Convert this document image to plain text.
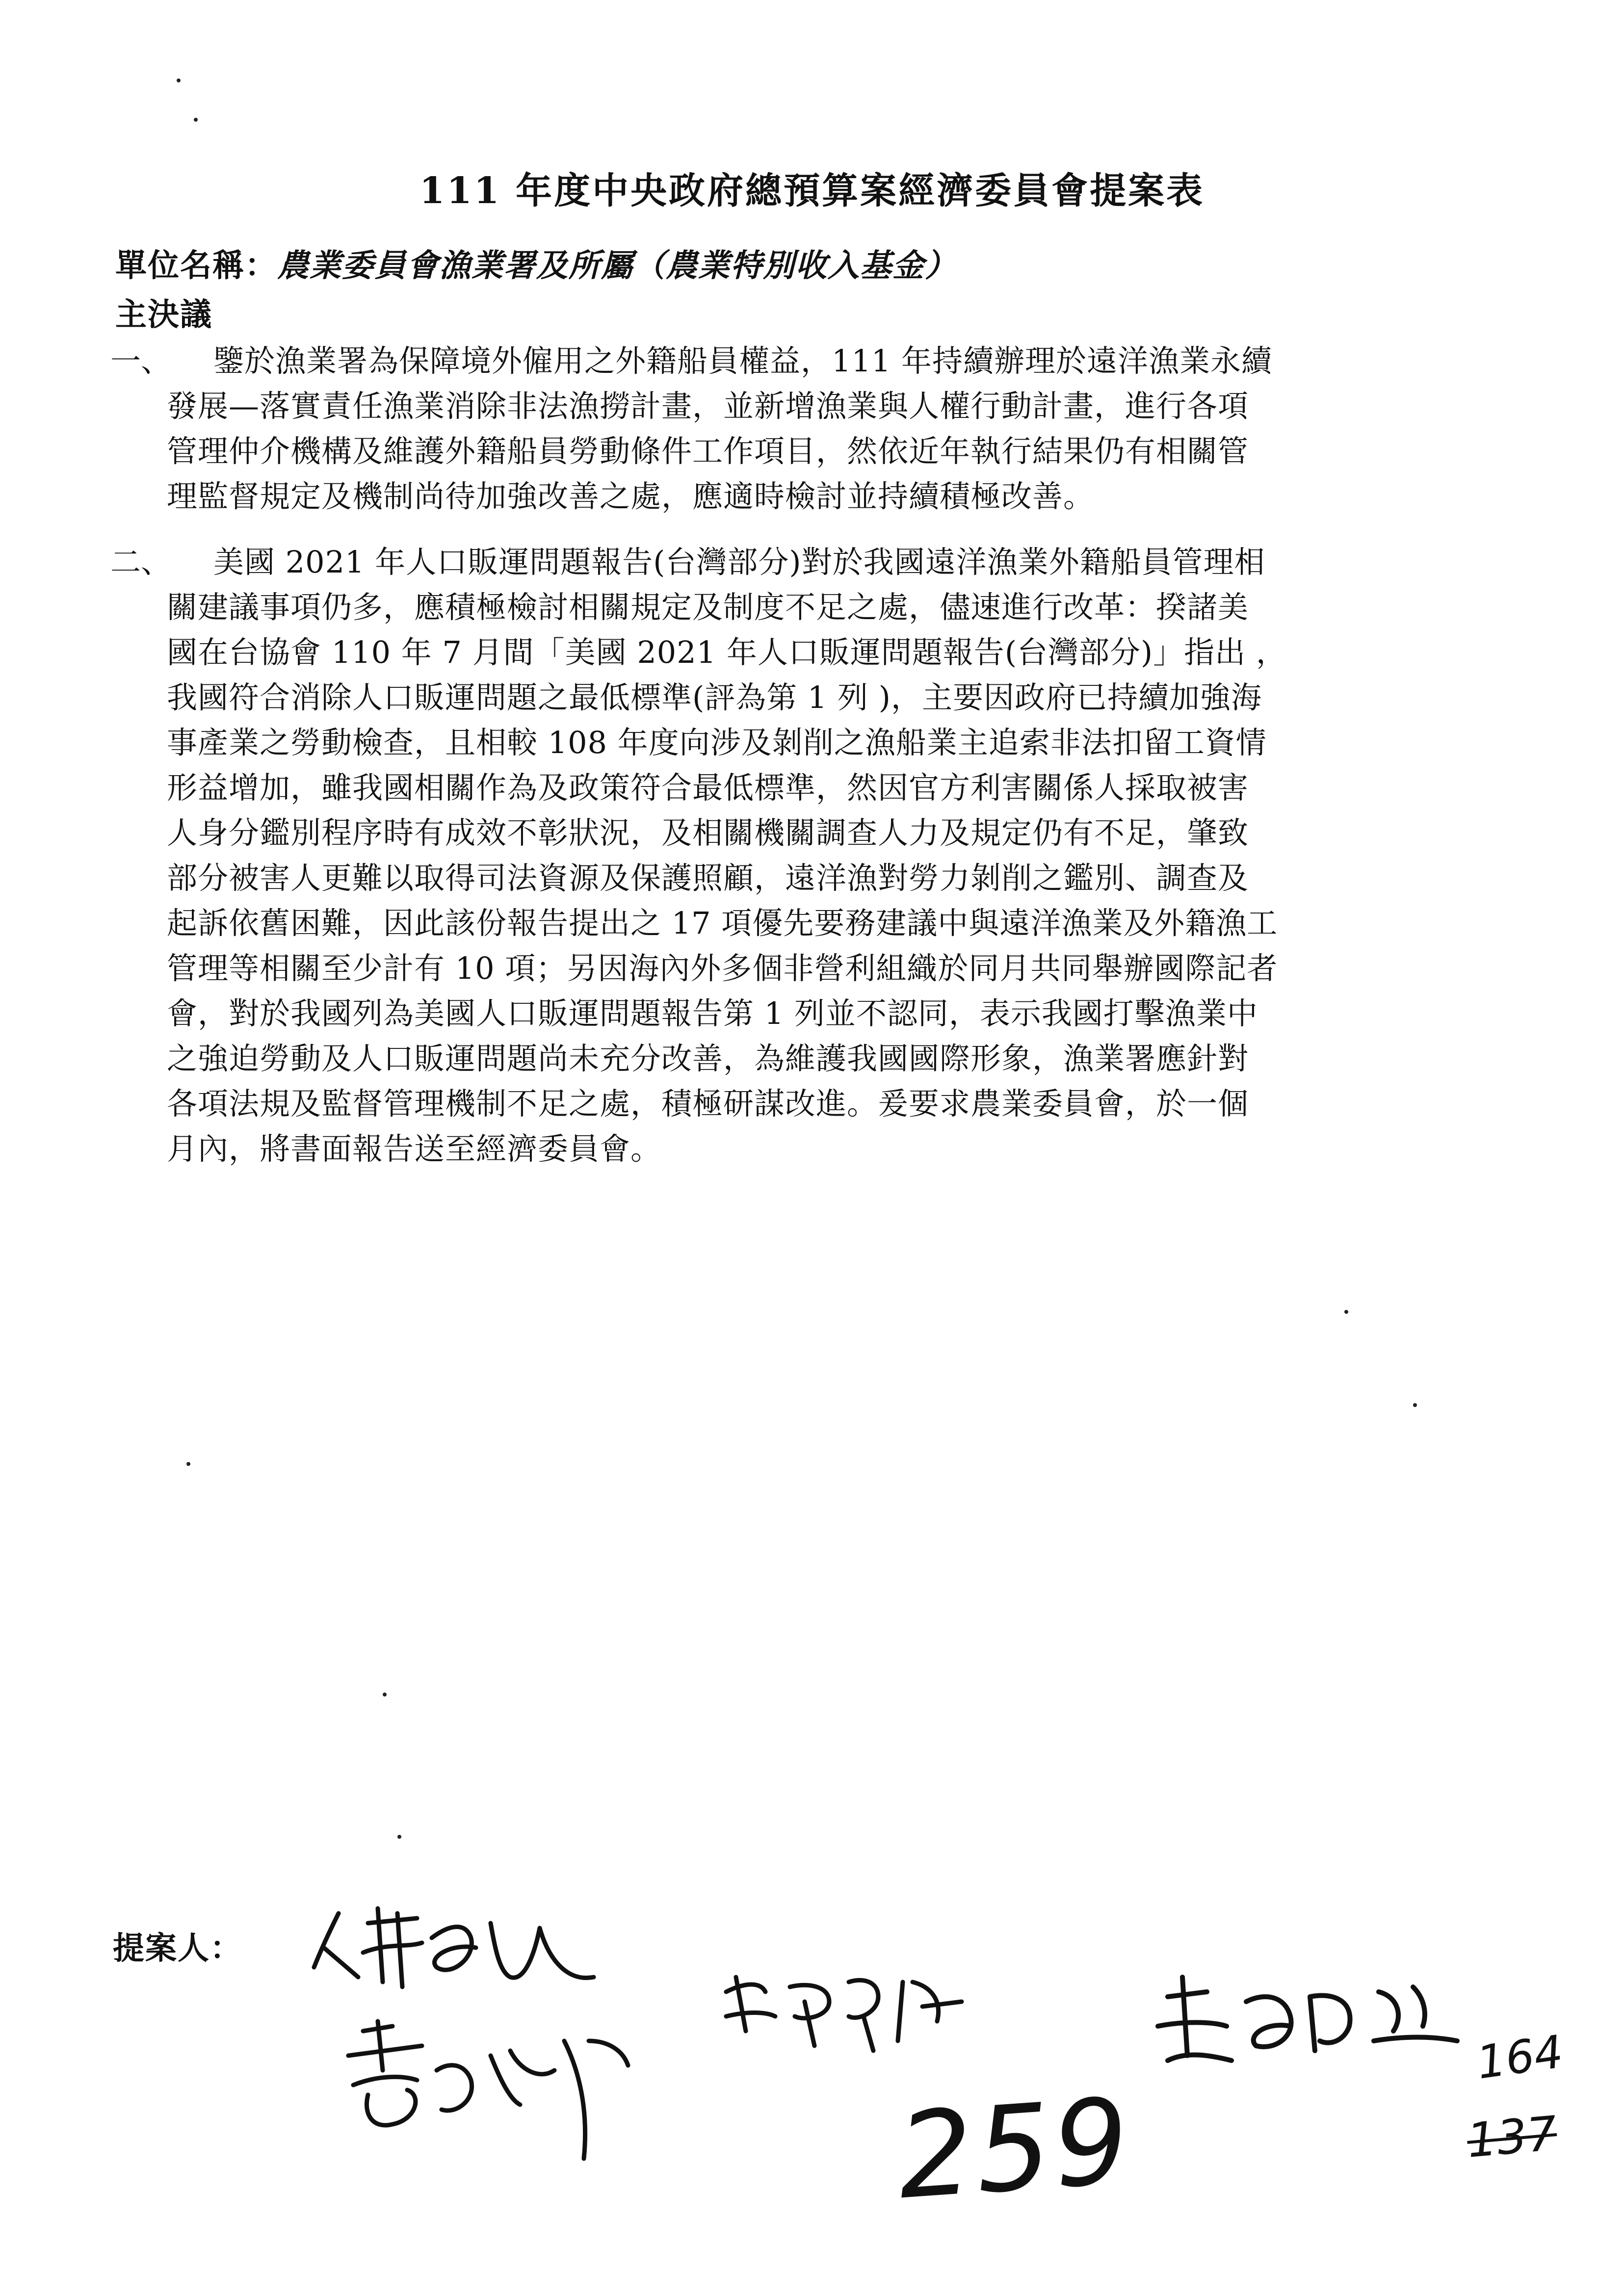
111 年度中央政府總預算案經濟委員會提案表
單位名稱：農業委員會漁業署及所屬（農業特別收入基金）
主決議
一、	鑒於漁業署為保障境外僱用之外籍船員權益，111 年持續辦理於遠洋漁業永續
發展—落實責任漁業消除非法漁撈計畫，並新增漁業與人權行動計畫，進行各項
管理仲介機構及維護外籍船員勞動條件工作項目，然依近年執行結果仍有相關管
理監督規定及機制尚待加強改善之處，應適時檢討並持續積極改善。
二、	美國 2021 年人口販運問題報告(台灣部分)對於我國遠洋漁業外籍船員管理相
關建議事項仍多，應積極檢討相關規定及制度不足之處，儘速進行改革：揆諸美
國在台協會 110 年 7 月間「美國 2021 年人口販運問題報告(台灣部分)」指出 ，
我國符合消除人口販運問題之最低標準(評為第 1 列 )，主要因政府已持續加強海
事產業之勞動檢查，且相較 108 年度向涉及剝削之漁船業主追索非法扣留工資情
形益增加，雖我國相關作為及政策符合最低標準，然因官方利害關係人採取被害
人身分鑑別程序時有成效不彰狀況，及相關機關調查人力及規定仍有不足，肇致
部分被害人更難以取得司法資源及保護照顧，遠洋漁對勞力剝削之鑑別、調查及
起訴依舊困難，因此該份報告提出之 17 項優先要務建議中與遠洋漁業及外籍漁工
管理等相關至少計有 10 項；另因海內外多個非營利組織於同月共同舉辦國際記者
會，對於我國列為美國人口販運問題報告第 1 列並不認同，表示我國打擊漁業中
之強迫勞動及人口販運問題尚未充分改善，為維護我國國際形象，漁業署應針對
各項法規及監督管理機制不足之處，積極研謀改進。爰要求農業委員會，於一個
月內，將書面報告送至經濟委員會。
提案人：
259
164
137
